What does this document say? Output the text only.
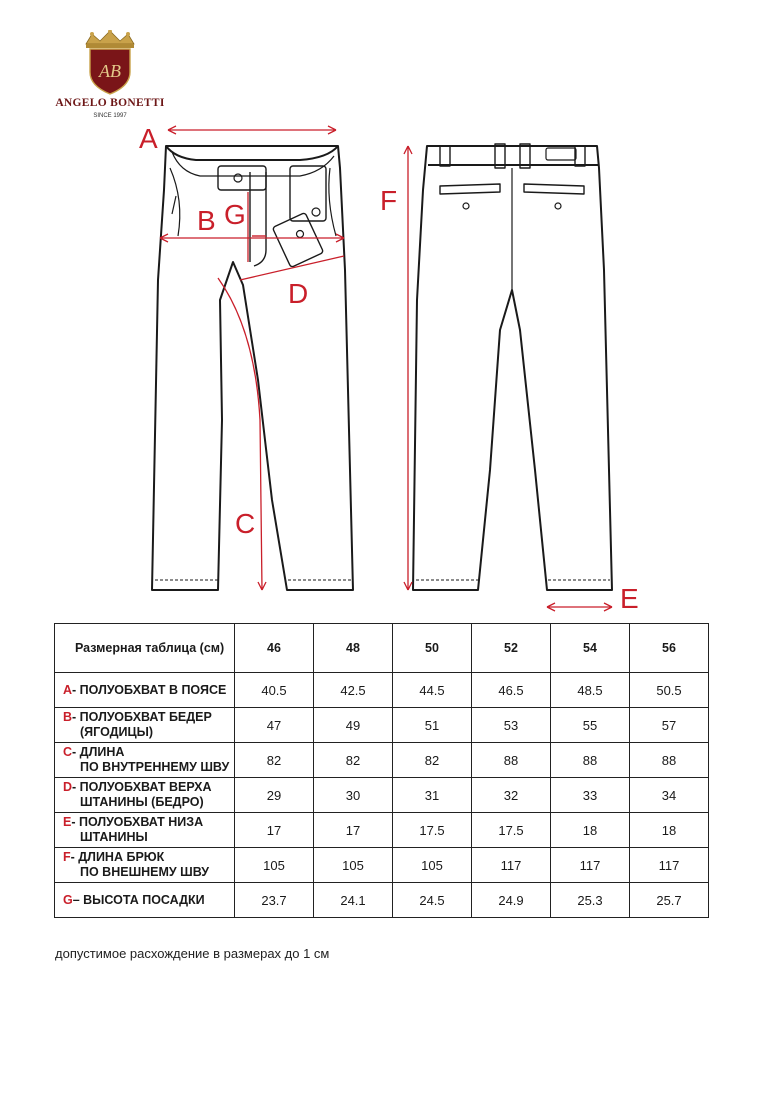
AB
ANGELO BONETTI
SINCE 1997
A
B G
D
C
F
E
Размерная таблица (см)	46	48	50	52	54	56
A- ПОЛУОБХВАТ В ПОЯСЕ	40.5	42.5	44.5	46.5	48.5	50.5
B- ПОЛУОБХВАТ БЕДЕР
(ЯГОДИЦЫ)	47	49	51	53	55	57
C- ДЛИНА
ПО ВНУТРЕННЕМУ ШВУ	82	82	82	88	88	88
D- ПОЛУОБХВАТ ВЕРХА
ШТАНИНЫ (БЕДРО)	29	30	31	32	33	34
E- ПОЛУОБХВАТ НИЗА
ШТАНИНЫ	17	17	17.5	17.5	18	18
F- ДЛИНА БРЮК
ПО ВНЕШНЕМУ ШВУ	105	105	105	117	117	117
G– ВЫСОТА ПОСАДКИ	23.7	24.1	24.5	24.9	25.3	25.7
допустимое расхождение в размерах до 1 см
